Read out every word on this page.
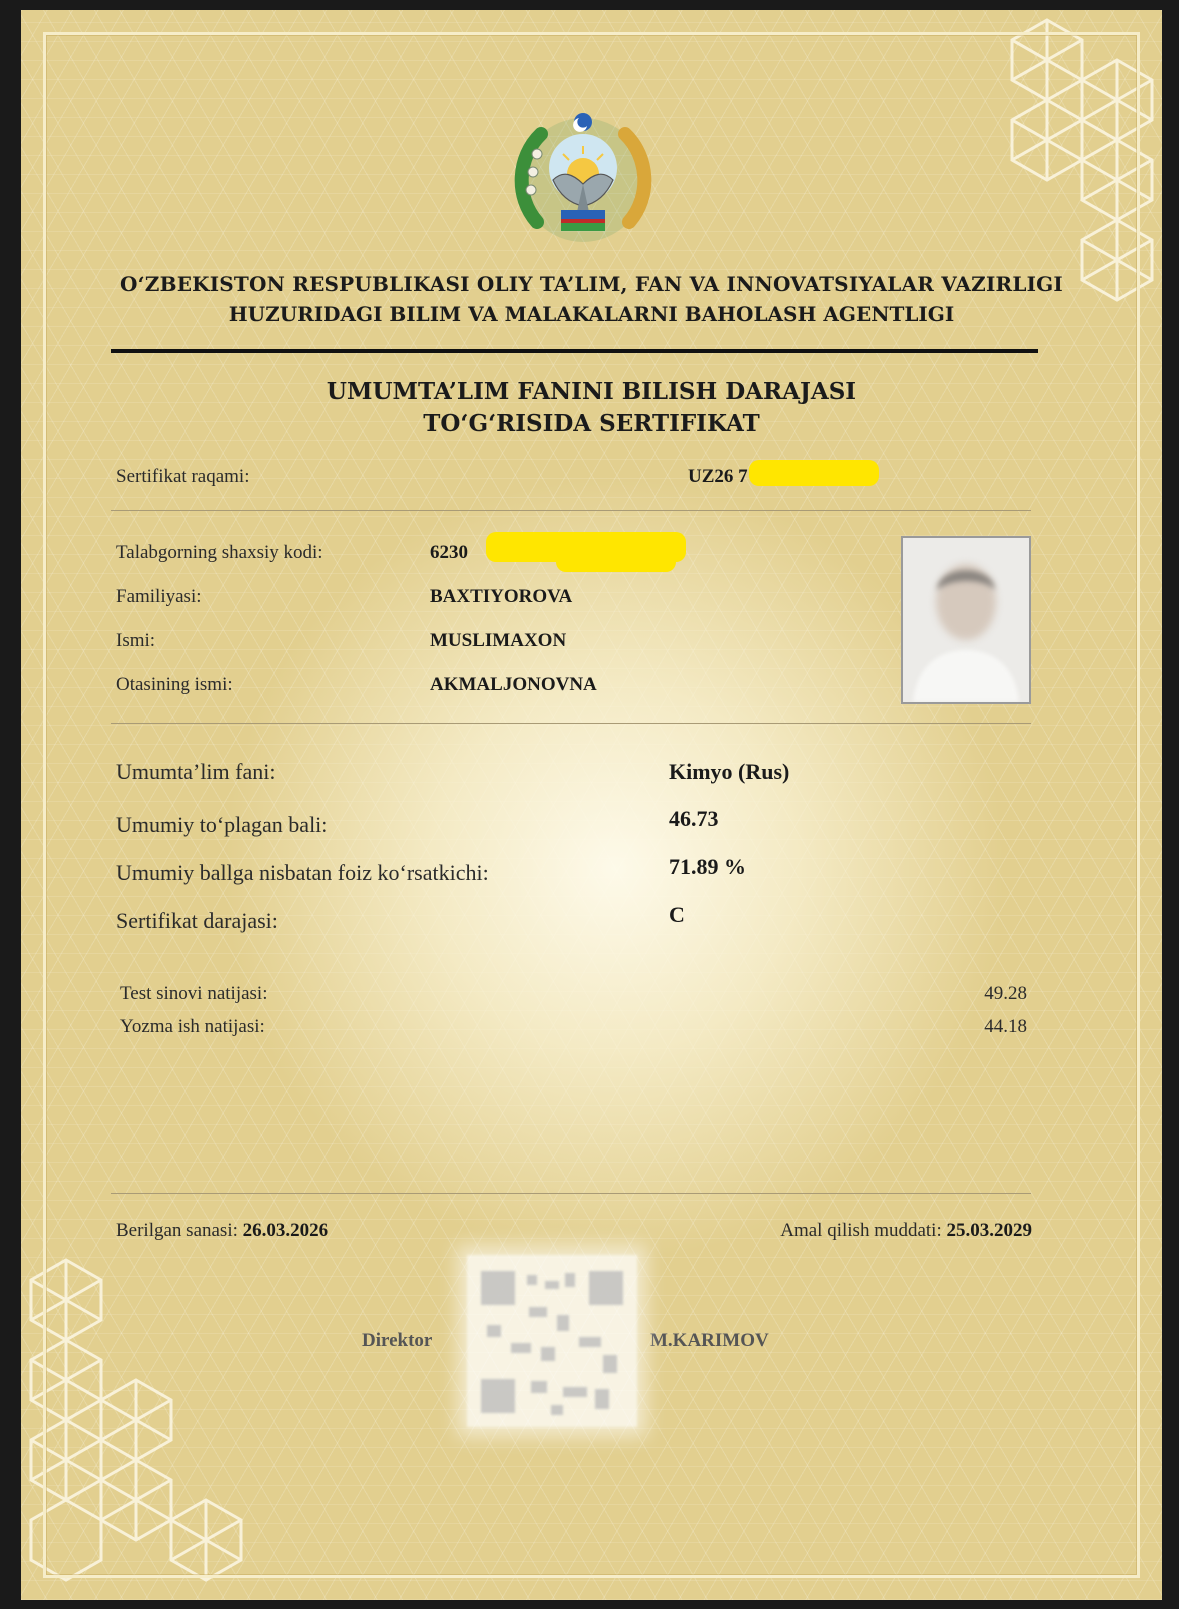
O‘ZBEKISTON RESPUBLIKASI OLIY TA’LIM, FAN VA INNOVATSIYALAR VAZIRLIGI
HUZURIDAGI BILIM VA MALAKALARNI BAHOLASH AGENTLIGI
UMUMTA’LIM FANINI BILISH DARAJASI
TO‘G‘RISIDA SERTIFIKAT
Sertifikat raqami:	UZ26 7
Talabgorning shaxsiy kodi:	6230
Familiyasi:	BAXTIYOROVA
Ismi:	MUSLIMAXON
Otasining ismi:	AKMALJONOVNA
Umumta’lim fani:	Kimyo (Rus)
Umumiy to‘plagan bali:	46.73
Umumiy ballga nisbatan foiz ko‘rsatkichi:	71.89 %
Sertifikat darajasi:	C
Test sinovi natijasi:	49.28
Yozma ish natijasi:	44.18
Berilgan sanasi: 26.03.2026	Amal qilish muddati: 25.03.2029
Direktor	M.KARIMOV
